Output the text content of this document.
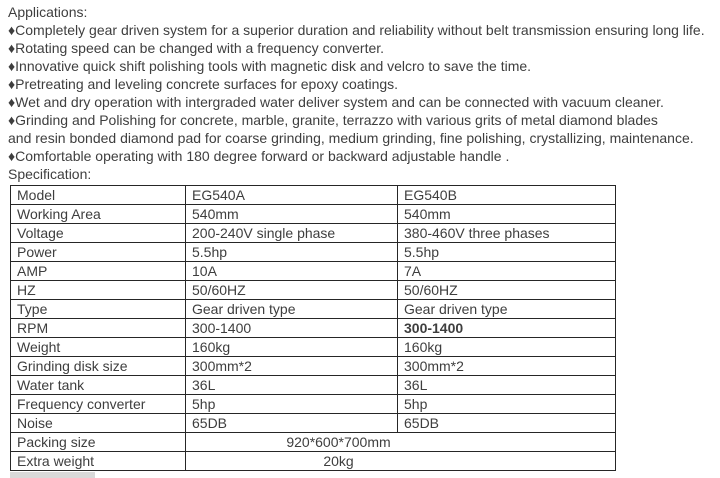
Applications:
♦Completely gear driven system for a superior duration and reliability without belt transmission ensuring long life.
♦Rotating speed can be changed with a frequency converter.
♦Innovative quick shift polishing tools with magnetic disk and velcro to save the time.
♦Pretreating and leveling concrete surfaces for epoxy coatings.
♦Wet and dry operation with intergraded water deliver system and can be connected with vacuum cleaner.
♦Grinding and Polishing for concrete, marble, granite, terrazzo with various grits of metal diamond blades
and resin bonded diamond pad for coarse grinding, medium grinding, fine polishing, crystallizing, maintenance.
♦Comfortable operating with 180 degree forward or backward adjustable handle .
Specification:
Model	EG540A	EG540B
Working Area	540mm	540mm
Voltage	200-240V single phase	380-460V three phases
Power	5.5hp	5.5hp
AMP	10A	7A
HZ	50/60HZ	50/60HZ
Type	Gear driven type	Gear driven type
RPM	300-1400	300-1400
Weight	160kg	160kg
Grinding disk size	300mm*2	300mm*2
Water tank	36L	36L
Frequency converter	5hp	5hp
Noise	65DB	65DB
Packing size	920*600*700mm	
Extra weight	20kg	
